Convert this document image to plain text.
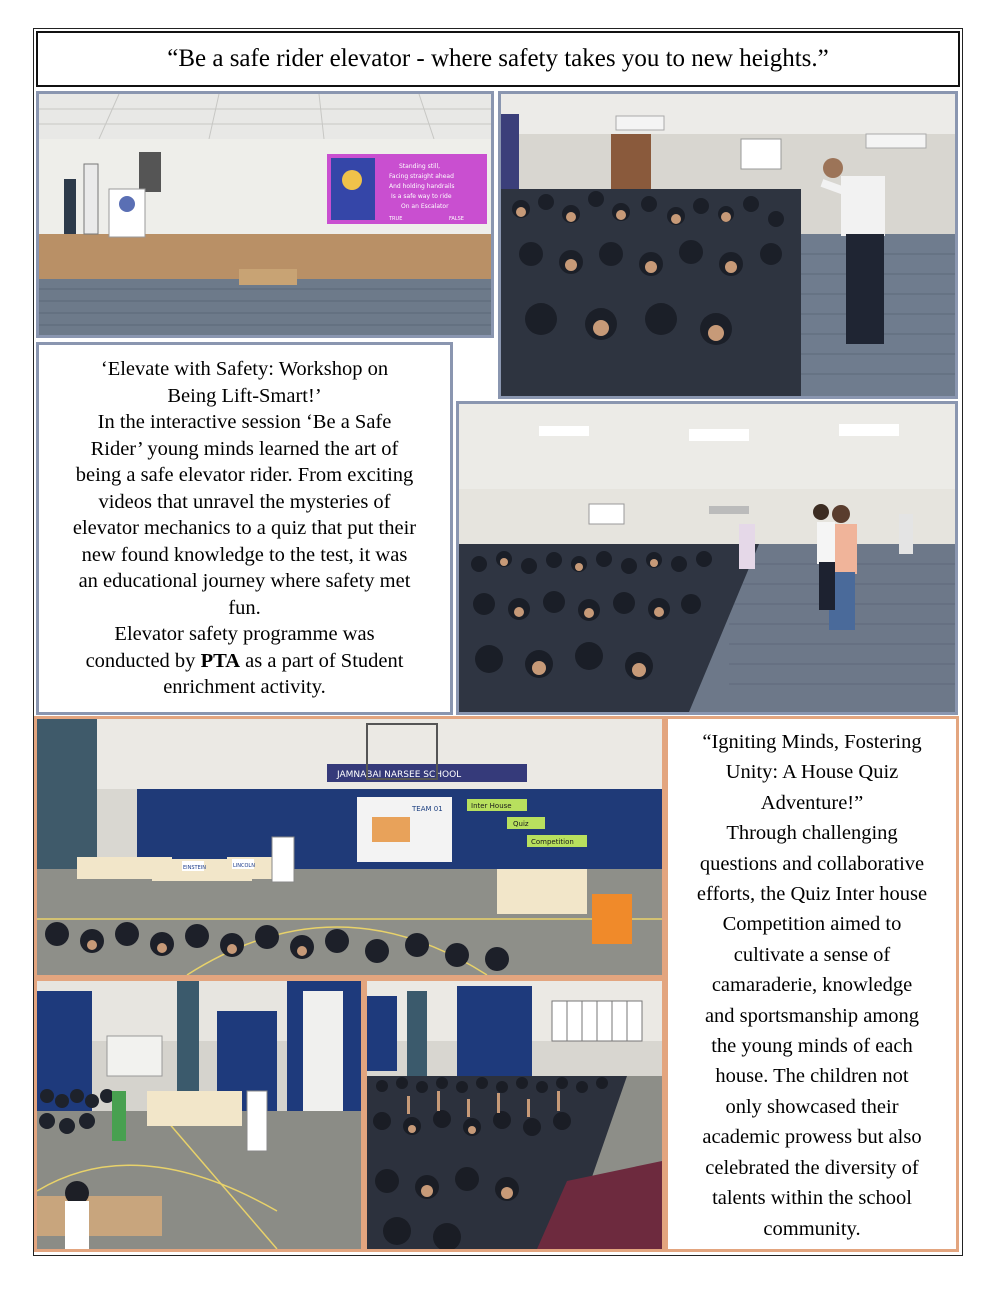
“Be a safe rider elevator - where safety takes you to new heights.”
Standing still,
Facing straight ahead
And holding handrails
Is a safe way to ride
On an Escalator
TRUE	FALSE

‘Elevate with Safety: Workshop on

Being Lift-Smart!’

In the interactive session ‘Be a Safe

Rider’ young minds learned the art of

being a safe elevator rider. From exciting

videos that unravel the mysteries of

elevator mechanics to a quiz that put their

new found knowledge to the test, it was

an educational journey where safety met

fun.

Elevator safety programme was

conducted by PTA as a part of Student

enrichment activity.

JAMNABAI NARSEE SCHOOL
TEAM 01	Inter House
Quiz
Competition
EINSTEIN	LINCOLN

“Igniting Minds, Fostering

Unity: A House Quiz

Adventure!”

Through challenging

questions and collaborative

efforts, the Quiz Inter house

Competition aimed to

cultivate a sense of

camaraderie, knowledge

and sportsmanship among

the young minds of each

house. The children not

only showcased their

academic prowess but also

celebrated the diversity of

talents within the school

community.
